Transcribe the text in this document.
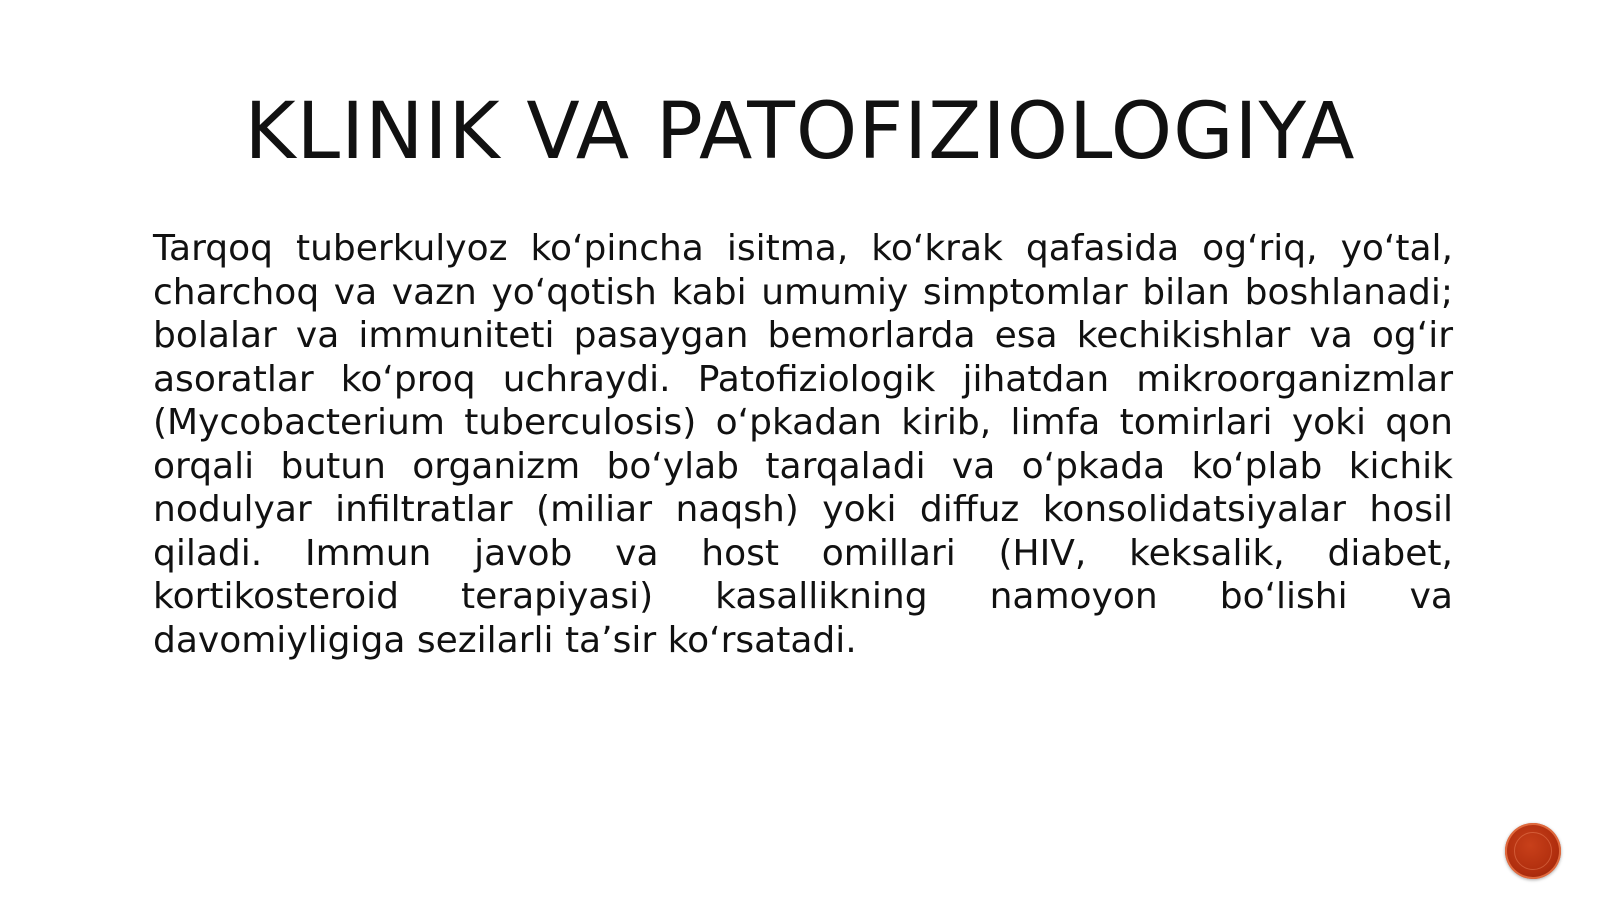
KLINIK VA PATOFIZIOLOGIYA

Tarqoq tuberkulyoz ko‘pincha isitma, ko‘krak qafasida og‘riq, yo‘tal, charchoq va vazn yo‘qotish kabi umumiy simptomlar bilan boshlanadi; bolalar va immuniteti pasaygan bemorlarda esa kechikishlar va og‘ir asoratlar ko‘proq uchraydi. Patofiziologik jihatdan mikroorganizmlar (Mycobacterium tuberculosis) o‘pkadan kirib, limfa tomirlari yoki qon orqali butun organizm bo‘ylab tarqaladi va o‘pkada ko‘plab kichik nodulyar infiltratlar (miliar naqsh) yoki diffuz konsolidatsiyalar hosil qiladi. Immun javob va host omillari (HIV, keksalik, diabet, kortikosteroid terapiyasi) kasallikning namoyon bo‘lishi va davomiyligiga sezilarli ta’sir ko‘rsatadi.
